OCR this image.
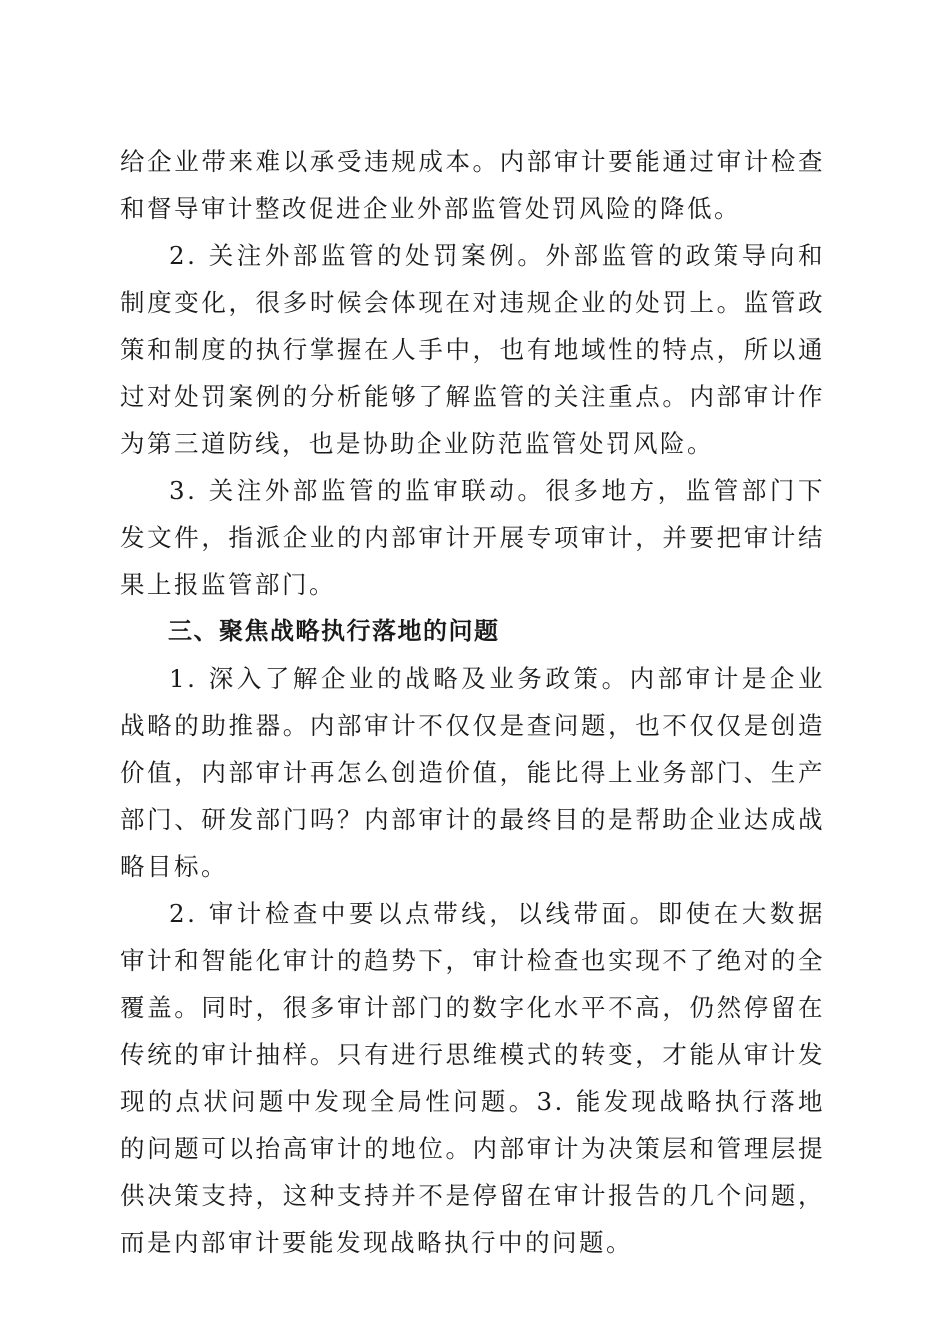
给企业带来难以承受违规成本。内部审计要能通过审计检查和督导审计整改促进企业外部监管处罚风险的降低。

2. 关注外部监管的处罚案例。外部监管的政策导向和制度变化，很多时候会体现在对违规企业的处罚上。监管政策和制度的执行掌握在人手中，也有地域性的特点，所以通过对处罚案例的分析能够了解监管的关注重点。内部审计作为第三道防线，也是协助企业防范监管处罚风险。

3. 关注外部监管的监审联动。很多地方，监管部门下发文件，指派企业的内部审计开展专项审计，并要把审计结果上报监管部门。

三、聚焦战略执行落地的问题

1. 深入了解企业的战略及业务政策。内部审计是企业战略的助推器。内部审计不仅仅是查问题，也不仅仅是创造价值，内部审计再怎么创造价值，能比得上业务部门、生产部门、研发部门吗？内部审计的最终目的是帮助企业达成战略目标。

2. 审计检查中要以点带线，以线带面。即使在大数据审计和智能化审计的趋势下，审计检查也实现不了绝对的全覆盖。同时，很多审计部门的数字化水平不高，仍然停留在传统的审计抽样。只有进行思维模式的转变，才能从审计发现的点状问题中发现全局性问题。3. 能发现战略执行落地的问题可以抬高审计的地位。内部审计为决策层和管理层提供决策支持，这种支持并不是停留在审计报告的几个问题，而是内部审计要能发现战略执行中的问题。
